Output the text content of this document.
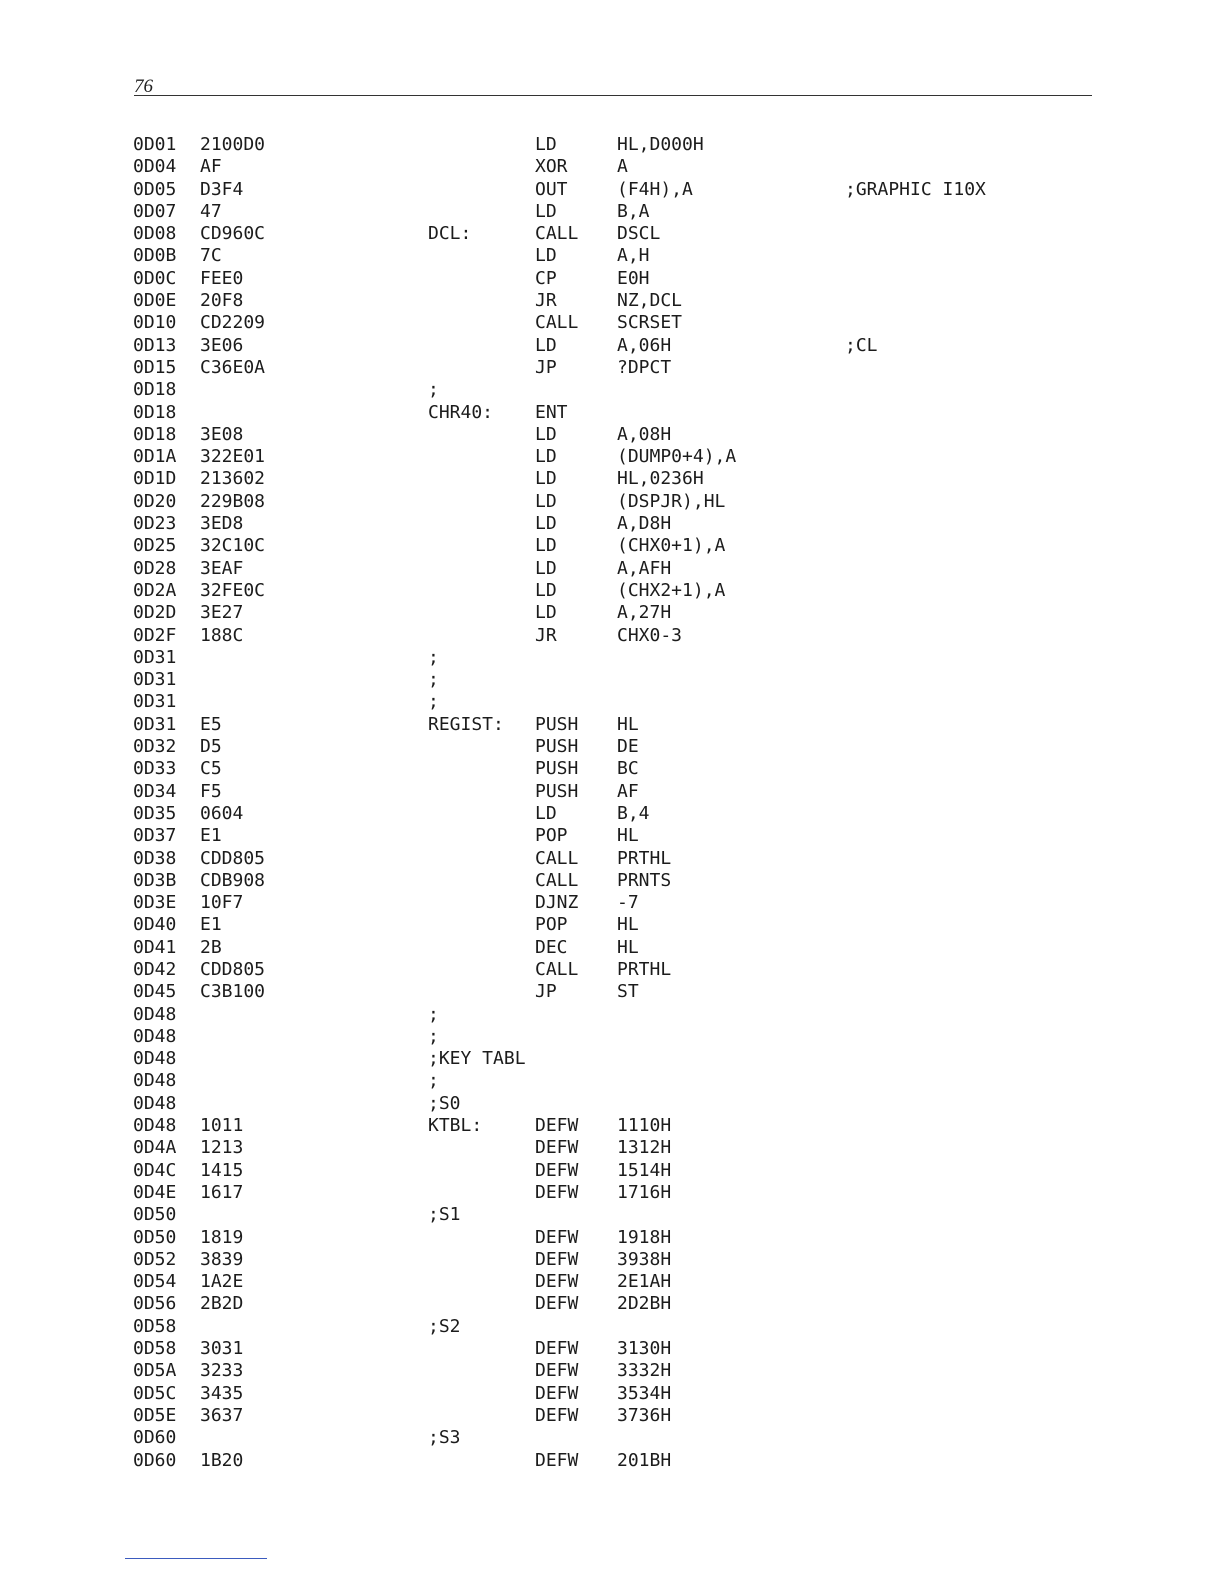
76
0D01 2100D0	LD	HL,D000H
0D04 AF	XOR	A
0D05 D3F4	OUT	(F4H),A	;GRAPHIC I10X
0D07 47	LD	B,A
0D08 CD960C	DCL:	CALL DSCL
0D0B 7C	LD	A,H
0D0C FEE0	CP	E0H
0D0E 20F8	JR	NZ,DCL
0D10 CD2209	CALL SCRSET
0D13 3E06	LD	A,06H	;CL
0D15 C36E0A	JP	?DPCT
0D18	;
0D18	CHR40: ENT
0D18 3E08	LD	A,08H
0D1A 322E01	LD	(DUMP0+4),A
0D1D 213602	LD	HL,0236H
0D20 229B08	LD	(DSPJR),HL
0D23 3ED8	LD	A,D8H
0D25 32C10C	LD	(CHX0+1),A
0D28 3EAF	LD	A,AFH
0D2A 32FE0C	LD	(CHX2+1),A
0D2D 3E27	LD	A,27H
0D2F 188C	JR	CHX0-3
0D31	;
0D31	;
0D31	;
0D31 E5	REGIST: PUSH HL
0D32 D5	PUSH DE
0D33 C5	PUSH BC
0D34 F5	PUSH AF
0D35 0604	LD	B,4
0D37 E1	POP	HL
0D38 CDD805	CALL PRTHL
0D3B CDB908	CALL PRNTS
0D3E 10F7	DJNZ -7
0D40 E1	POP	HL
0D41 2B	DEC	HL
0D42 CDD805	CALL PRTHL
0D45 C3B100	JP	ST
0D48	;
0D48	;
0D48	;KEY TABL
0D48	;
0D48	;S0
0D48 1011	KTBL:	DEFW 1110H
0D4A 1213	DEFW 1312H
0D4C 1415	DEFW 1514H
0D4E 1617	DEFW 1716H
0D50	;S1
0D50 1819	DEFW 1918H
0D52 3839	DEFW 3938H
0D54 1A2E	DEFW 2E1AH
0D56 2B2D	DEFW 2D2BH
0D58	;S2
0D58 3031	DEFW 3130H
0D5A 3233	DEFW 3332H
0D5C 3435	DEFW 3534H
0D5E 3637	DEFW 3736H
0D60	;S3
0D60 1B20	DEFW 201BH
